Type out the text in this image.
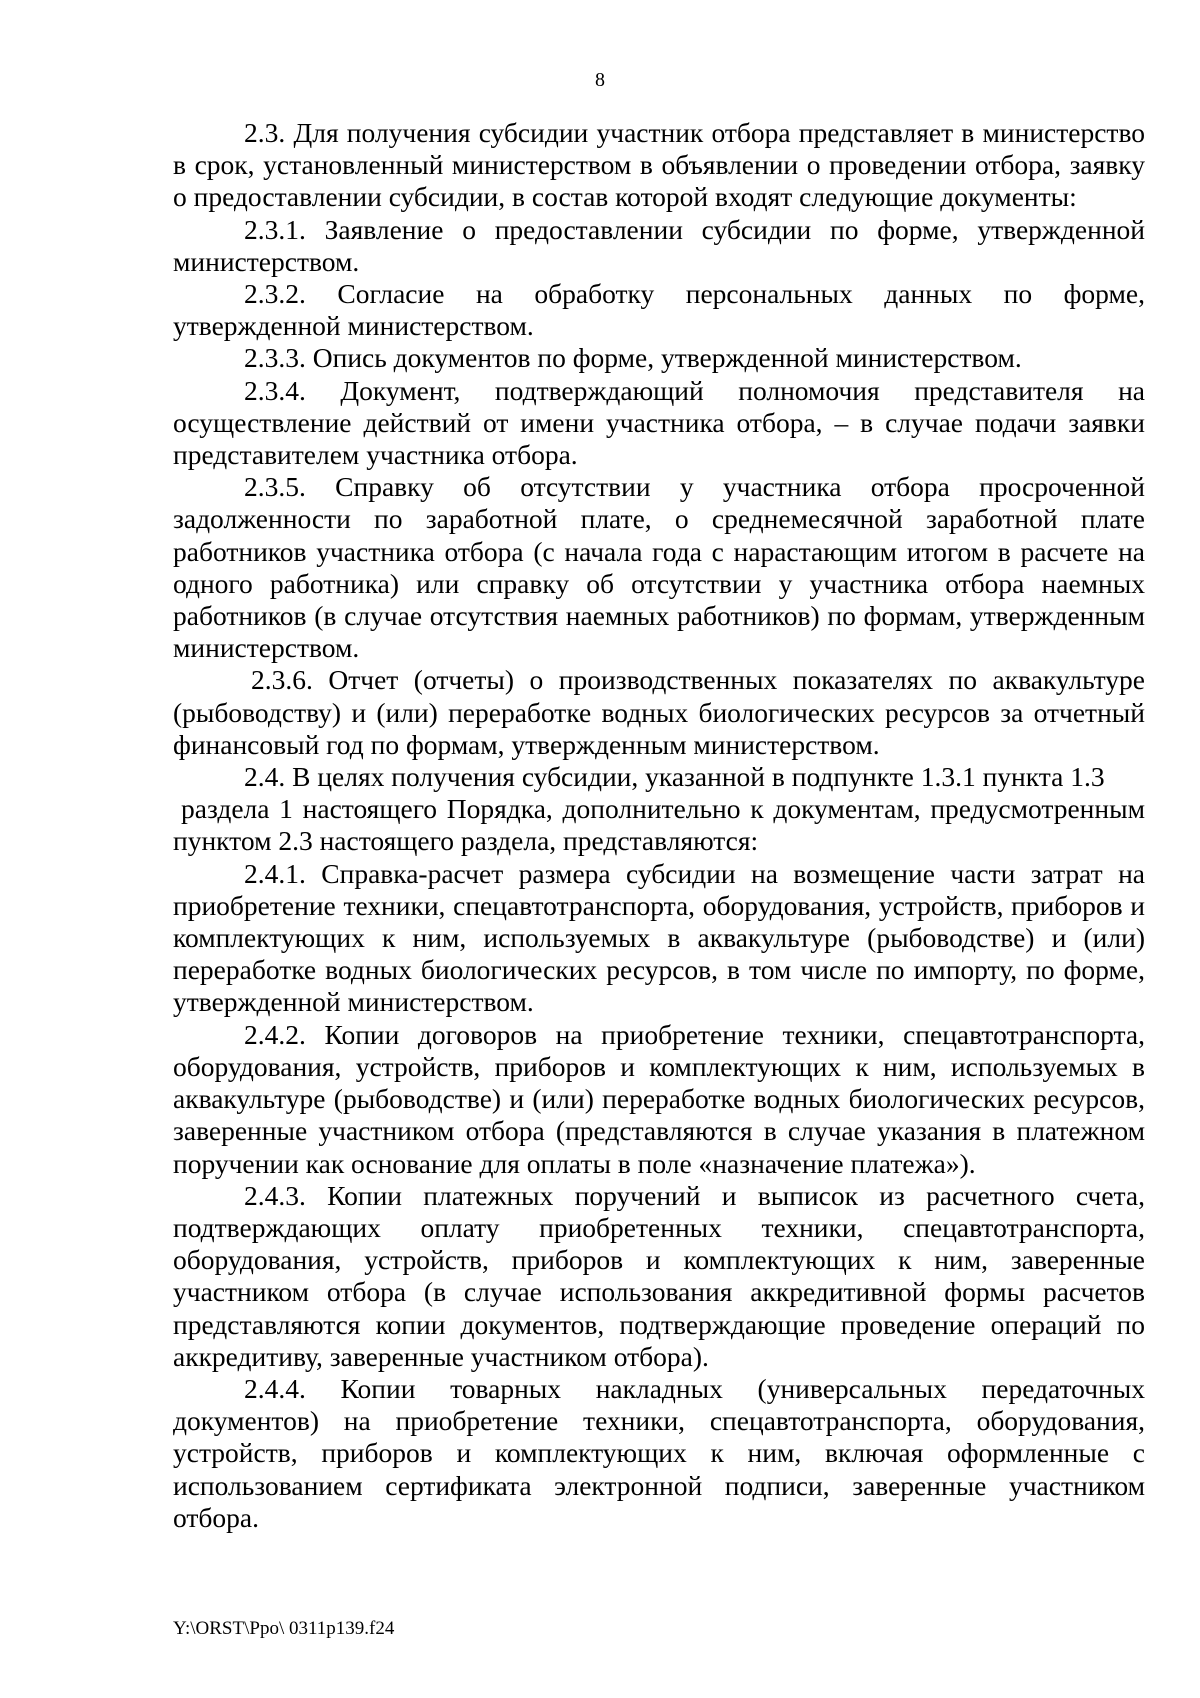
8

2.3. Для получения субсидии участник отбора представляет в министерство в срок, установленный министерством в объявлении о проведении отбора, заявку о предоставлении субсидии, в состав которой входят следующие документы:

2.3.1. Заявление о предоставлении субсидии по форме, утвержденной министерством.

2.3.2. Согласие на обработку персональных данных по форме, утвержденной министерством.

2.3.3. Опись документов по форме, утвержденной министерством.

2.3.4. Документ, подтверждающий полномочия представителя на осуществление действий от имени участника отбора, – в случае подачи заявки представителем участника отбора.

2.3.5. Справку об отсутствии у участника отбора просроченной задолженности по заработной плате, о среднемесячной заработной плате работников участника отбора (с начала года с нарастающим итогом в расчете на одного работника) или справку об отсутствии у участника отбора наемных работников (в случае отсутствия наемных работников) по формам, утвержденным министерством.

2.3.6. Отчет (отчеты) о производственных показателях по аквакультуре (рыбоводству) и (или) переработке водных биологических ресурсов за отчетный финансовый год по формам, утвержденным министерством.

2.4. В целях получения субсидии, указанной в подпункте 1.3.1 пункта 1.3

раздела 1 настоящего Порядка, дополнительно к документам, предусмотренным пунктом 2.3 настоящего раздела, представляются:

2.4.1. Справка-расчет размера субсидии на возмещение части затрат на приобретение техники, спецавтотранспорта, оборудования, устройств, приборов и комплектующих к ним, используемых в аквакультуре (рыбоводстве) и (или) переработке водных биологических ресурсов, в том числе по импорту, по форме, утвержденной министерством.

2.4.2. Копии договоров на приобретение техники, спецавтотранспорта, оборудования, устройств, приборов и комплектующих к ним, используемых в аквакультуре (рыбоводстве) и (или) переработке водных биологических ресурсов, заверенные участником отбора (представляются в случае указания в платежном поручении как основание для оплаты в поле «назначение платежа»).

2.4.3. Копии платежных поручений и выписок из расчетного счета, подтверждающих оплату приобретенных техники, спецавтотранспорта, оборудования, устройств, приборов и комплектующих к ним, заверенные участником отбора (в случае использования аккредитивной формы расчетов представляются копии документов, подтверждающие проведение операций по аккредитиву, заверенные участником отбора).

2.4.4. Копии товарных накладных (универсальных передаточных документов) на приобретение техники, спецавтотранспорта, оборудования, устройств, приборов и комплектующих к ним, включая оформленные с использованием сертификата электронной подписи, заверенные участником отбора.

Y:\ORST\Ppo\ 0311p139.f24
